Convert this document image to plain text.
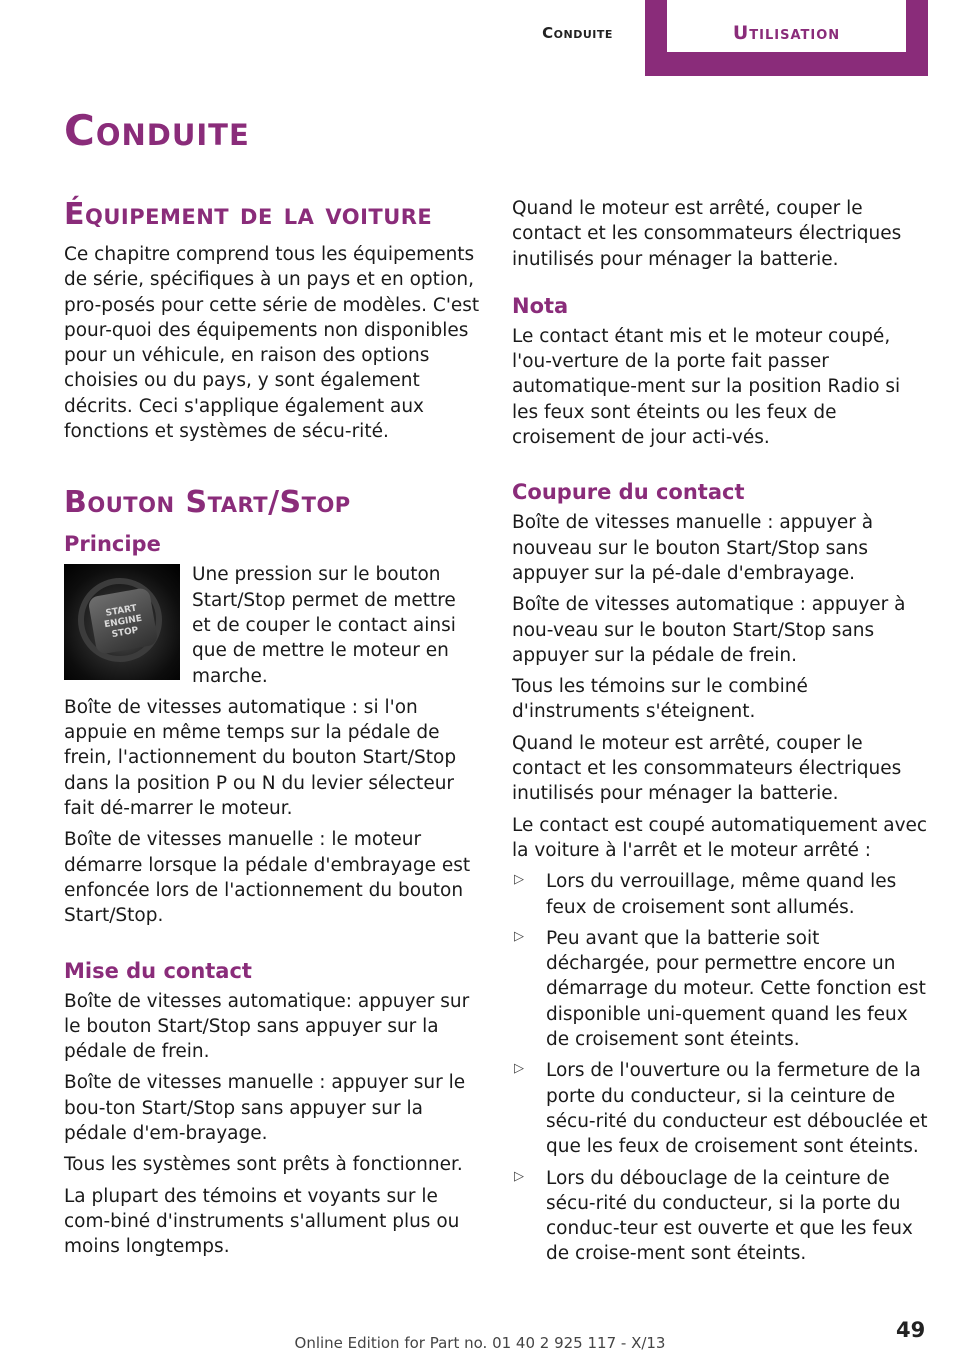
Conduite	Utilisation
Conduite
Équipement de la voiture

Ce chapitre comprend tous les équipements de série, spécifiques à un pays et en option, pro-posés pour cette série de modèles. C'est pour-quoi des équipements non disponibles pour un véhicule, en raison des options choisies ou du pays, y sont également décrits. Ceci s'applique également aux fonctions et systèmes de sécu-rité.

Bouton Start/Stop
Principe
START ENGINE STOP

Une pression sur le bouton Start/Stop permet de mettre et de couper le contact ainsi que de mettre le moteur en marche.

Boîte de vitesses automatique : si l'on appuie en même temps sur la pédale de frein, l'actionnement du bouton Start/Stop dans la position P ou N du levier sélecteur fait dé-marrer le moteur.

Boîte de vitesses manuelle : le moteur démarre lorsque la pédale d'embrayage est enfoncée lors de l'actionnement du bouton Start/Stop.

Mise du contact

Boîte de vitesses automatique: appuyer sur le bouton Start/Stop sans appuyer sur la pédale de frein.

Boîte de vitesses manuelle : appuyer sur le bou-ton Start/Stop sans appuyer sur la pédale d'em-brayage.

Tous les systèmes sont prêts à fonctionner.

La plupart des témoins et voyants sur le com-biné d'instruments s'allument plus ou moins longtemps.

Quand le moteur est arrêté, couper le contact et les consommateurs électriques inutilisés pour ménager la batterie.

Nota

Le contact étant mis et le moteur coupé, l'ou-verture de la porte fait passer automatique-ment sur la position Radio si les feux sont éteints ou les feux de croisement de jour acti-vés.

Coupure du contact

Boîte de vitesses manuelle : appuyer à nouveau sur le bouton Start/Stop sans appuyer sur la pé-dale d'embrayage.

Boîte de vitesses automatique : appuyer à nou-veau sur le bouton Start/Stop sans appuyer sur la pédale de frein.

Tous les témoins sur le combiné d'instruments s'éteignent.

Quand le moteur est arrêté, couper le contact et les consommateurs électriques inutilisés pour ménager la batterie.

Le contact est coupé automatiquement avec la voiture à l'arrêt et le moteur arrêté :

▷ Lors du verrouillage, même quand les feux de croisement sont allumés.

▷ Peu avant que la batterie soit déchargée, pour permettre encore un démarrage du moteur. Cette fonction est disponible uni-quement quand les feux de croisement sont éteints.

▷ Lors de l'ouverture ou la fermeture de la porte du conducteur, si la ceinture de sécu-rité du conducteur est débouclée et que les feux de croisement sont éteints.

▷ Lors du débouclage de la ceinture de sécu-rité du conducteur, si la porte du conduc-teur est ouverte et que les feux de croise-ment sont éteints.

49
Online Edition for Part no. 01 40 2 925 117 - X/13
